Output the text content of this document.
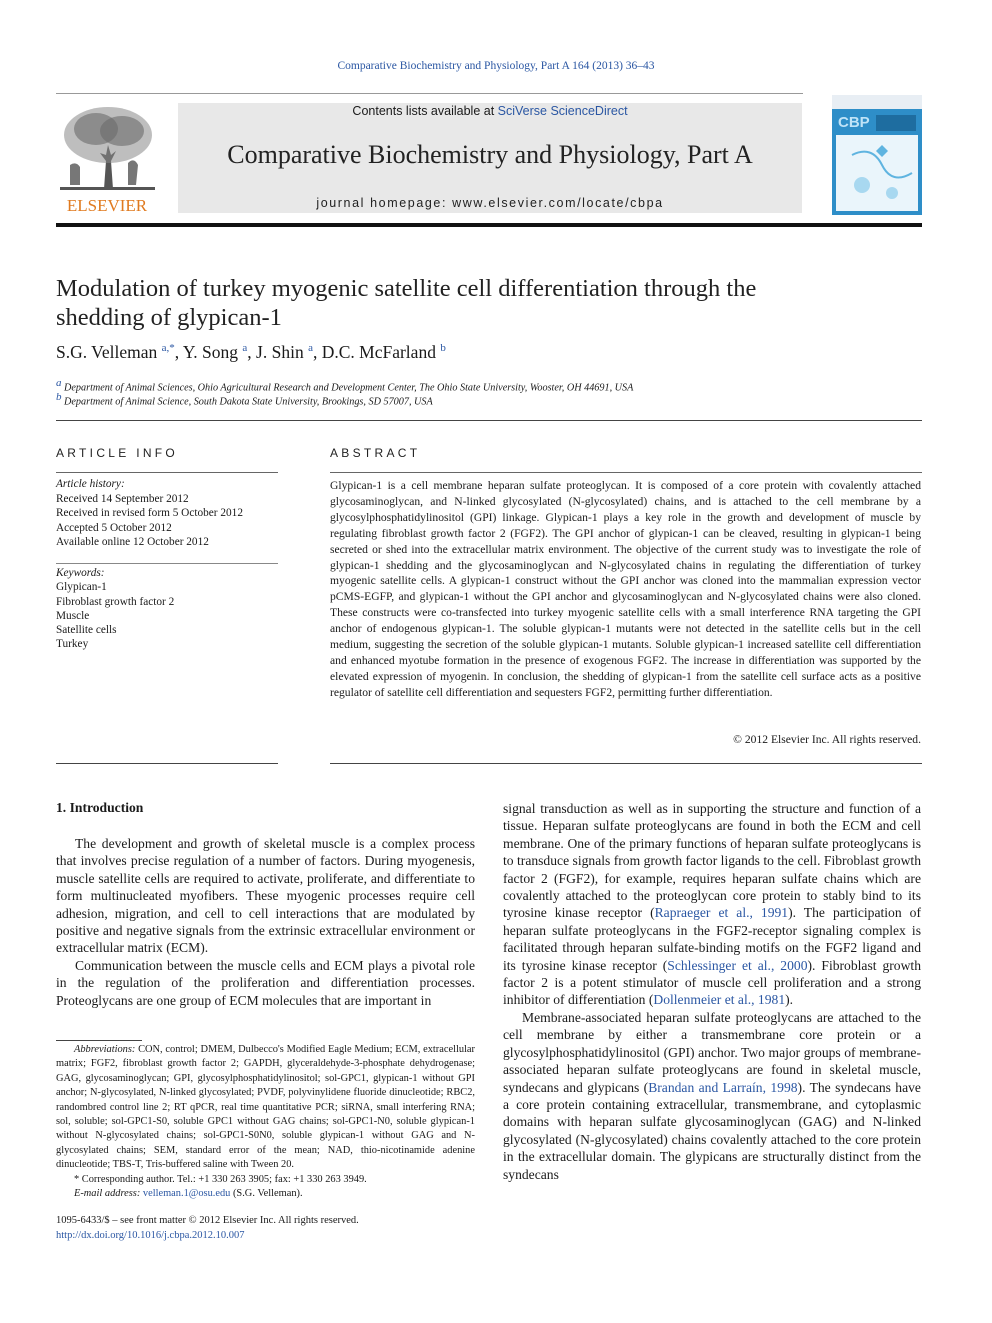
Comparative Biochemistry and Physiology, Part A 164 (2013) 36–43
ELSEVIER
Contents lists available at SciVerse ScienceDirect
Comparative Biochemistry and Physiology, Part A
journal homepage: www.elsevier.com/locate/cbpa
CBP
Modulation of turkey myogenic satellite cell differentiation through the shedding of glypican-1
S.G. Velleman $^{a,*}$, Y. Song $^a$, J. Shin $^a$, D.C. McFarland $^b$
$^a$ Department of Animal Sciences, Ohio Agricultural Research and Development Center, The Ohio State University, Wooster, OH 44691, USA
$^b$ Department of Animal Science, South Dakota State University, Brookings, SD 57007, USA
ARTICLE INFO
Article history:
Received 14 September 2012
Received in revised form 5 October 2012
Accepted 5 October 2012
Available online 12 October 2012
Keywords:
Glypican-1
Fibroblast growth factor 2
Muscle
Satellite cells
Turkey
ABSTRACT
Glypican-1 is a cell membrane heparan sulfate proteoglycan. It is composed of a core protein with covalently attached glycosaminoglycan, and N-linked glycosylated (N-glycosylated) chains, and is attached to the cell membrane by a glycosylphosphatidylinositol (GPI) linkage. Glypican-1 plays a key role in the growth and development of muscle by regulating fibroblast growth factor 2 (FGF2). The GPI anchor of glypican-1 can be cleaved, resulting in glypican-1 being secreted or shed into the extracellular matrix environment. The objective of the current study was to investigate the role of glypican-1 shedding and the glycosaminoglycan and N-glycosylated chains in regulating the differentiation of turkey myogenic satellite cells. A glypican-1 construct without the GPI anchor was cloned into the mammalian expression vector pCMS-EGFP, and glypican-1 without the GPI anchor and glycosaminoglycan and N-glycosylated chains were also cloned. These constructs were co-transfected into turkey myogenic satellite cells with a small interference RNA targeting the GPI anchor of endogenous glypican-1. The soluble glypican-1 mutants were not detected in the satellite cells but in the cell medium, suggesting the secretion of the soluble glypican-1 mutants. Soluble glypican-1 increased satellite cell differentiation and enhanced myotube formation in the presence of exogenous FGF2. The increase in differentiation was supported by the elevated expression of myogenin. In conclusion, the shedding of glypican-1 from the satellite cell surface acts as a positive regulator of satellite cell differentiation and sequesters FGF2, permitting further differentiation.
© 2012 Elsevier Inc. All rights reserved.
1. Introduction

The development and growth of skeletal muscle is a complex process that involves precise regulation of a number of factors. During myogenesis, muscle satellite cells are required to activate, proliferate, and differentiate to form multinucleated myofibers. These myogenic processes require cell adhesion, migration, and cell to cell interactions that are modulated by positive and negative signals from the extrinsic extracellular environment or extracellular matrix (ECM).

Communication between the muscle cells and ECM plays a pivotal role in the regulation of the proliferation and differentiation processes. Proteoglycans are one group of ECM molecules that are important in

signal transduction as well as in supporting the structure and function of a tissue. Heparan sulfate proteoglycans are found in both the ECM and cell membrane. One of the primary functions of heparan sulfate proteoglycans is to transduce signals from growth factor ligands to the cell. Fibroblast growth factor 2 (FGF2), for example, requires heparan sulfate chains which are covalently attached to the proteoglycan core protein to stably bind to its tyrosine kinase receptor (Rapraeger et al., 1991). The participation of heparan sulfate proteoglycans in the FGF2-receptor signaling complex is facilitated through heparan sulfate-binding motifs on the FGF2 ligand and its tyrosine kinase receptor (Schlessinger et al., 2000). Fibroblast growth factor 2 is a potent stimulator of muscle cell proliferation and a strong inhibitor of differentiation (Dollenmeier et al., 1981).

Membrane-associated heparan sulfate proteoglycans are attached to the cell membrane by either a transmembrane core protein or a glycosylphosphatidylinositol (GPI) anchor. Two major groups of membrane-associated heparan sulfate proteoglycans are found in skeletal muscle, syndecans and glypicans (Brandan and Larraín, 1998). The syndecans have a core protein containing extracellular, transmembrane, and cytoplasmic domains with heparan sulfate glycosaminoglycan (GAG) and N-linked glycosylated (N-glycosylated) chains covalently attached to the core protein in the extracellular domain. The glypicans are structurally distinct from the syndecans

Abbreviations: CON, control; DMEM, Dulbecco's Modified Eagle Medium; ECM, extracellular matrix; FGF2, fibroblast growth factor 2; GAPDH, glyceraldehyde-3-phosphate dehydrogenase; GAG, glycosaminoglycan; GPI, glycosylphosphatidylinositol; sol-GPC1, glypican-1 without GPI anchor; N-glycosylated, N-linked glycosylated; PVDF, polyvinylidene fluoride dinucleotide; RBC2, randombred control line 2; RT qPCR, real time quantitative PCR; siRNA, small interfering RNA; sol, soluble; sol-GPC1-S0, soluble GPC1 without GAG chains; sol-GPC1-N0, soluble glypican-1 without N-glycosylated chains; sol-GPC1-S0N0, soluble glypican-1 without GAG and N-glycosylated chains; SEM, standard error of the mean; NAD, thio-nicotinamide adenine dinucleotide; TBS-T, Tris-buffered saline with Tween 20.

* Corresponding author. Tel.: +1 330 263 3905; fax: +1 330 263 3949.

E-mail address: velleman.1@osu.edu (S.G. Velleman).

1095-6433/$ – see front matter © 2012 Elsevier Inc. All rights reserved.
http://dx.doi.org/10.1016/j.cbpa.2012.10.007
